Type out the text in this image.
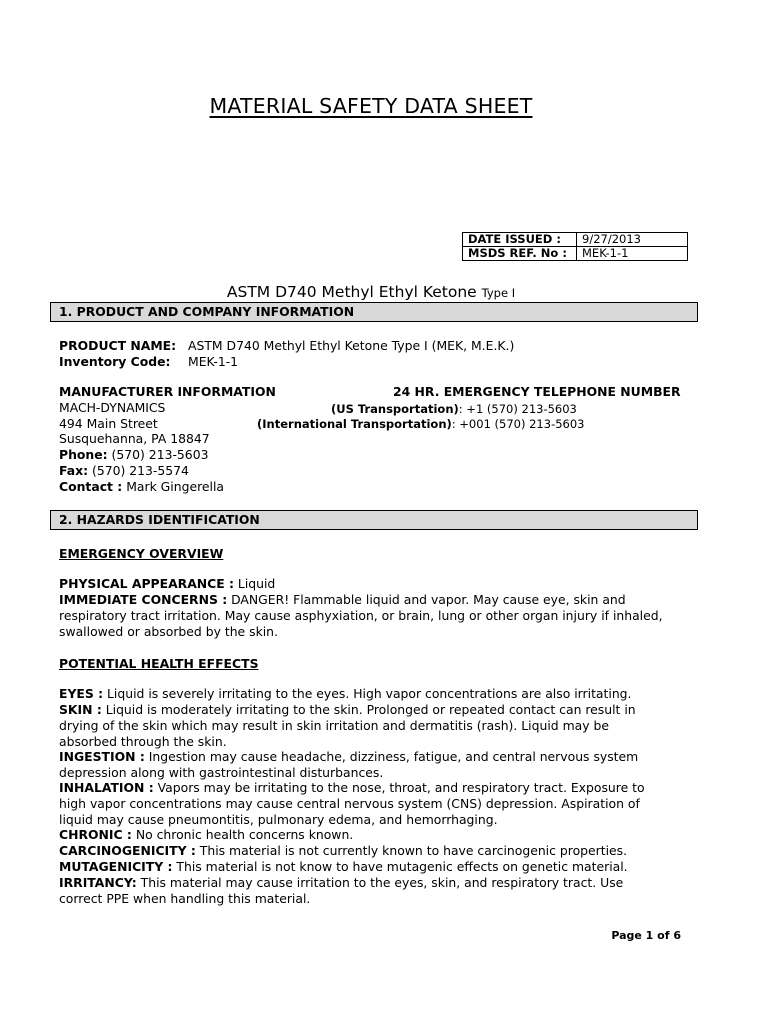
MATERIAL SAFETY DATA SHEET
DATE ISSUED :	9/27/2013
MSDS REF. No :	MEK-1-1
ASTM D740 Methyl Ethyl Ketone Type I
1. PRODUCT AND COMPANY INFORMATION
PRODUCT NAME: ASTM D740 Methyl Ethyl Ketone Type I (MEK, M.E.K.)
Inventory Code: MEK-1-1
MANUFACTURER INFORMATION	24 HR. EMERGENCY TELEPHONE NUMBER
MACH-DYNAMICS	(US Transportation): +1 (570) 213-5603
494 Main Street	(International Transportation): +001 (570) 213-5603
Susquehanna, PA 18847
Phone: (570) 213-5603
Fax: (570) 213-5574
Contact : Mark Gingerella
2. HAZARDS IDENTIFICATION
EMERGENCY OVERVIEW
PHYSICAL APPEARANCE : Liquid
IMMEDIATE CONCERNS : DANGER! Flammable liquid and vapor. May cause eye, skin and
respiratory tract irritation. May cause asphyxiation, or brain, lung or other organ injury if inhaled,
swallowed or absorbed by the skin.
POTENTIAL HEALTH EFFECTS
EYES : Liquid is severely irritating to the eyes. High vapor concentrations are also irritating.
SKIN : Liquid is moderately irritating to the skin. Prolonged or repeated contact can result in
drying of the skin which may result in skin irritation and dermatitis (rash). Liquid may be
absorbed through the skin.
INGESTION : Ingestion may cause headache, dizziness, fatigue, and central nervous system
depression along with gastrointestinal disturbances.
INHALATION : Vapors may be irritating to the nose, throat, and respiratory tract. Exposure to
high vapor concentrations may cause central nervous system (CNS) depression. Aspiration of
liquid may cause pneumontitis, pulmonary edema, and hemorrhaging.
CHRONIC : No chronic health concerns known.
CARCINOGENICITY : This material is not currently known to have carcinogenic properties.
MUTAGENICITY : This material is not know to have mutagenic effects on genetic material.
IRRITANCY: This material may cause irritation to the eyes, skin, and respiratory tract. Use
correct PPE when handling this material.
Page 1 of 6
